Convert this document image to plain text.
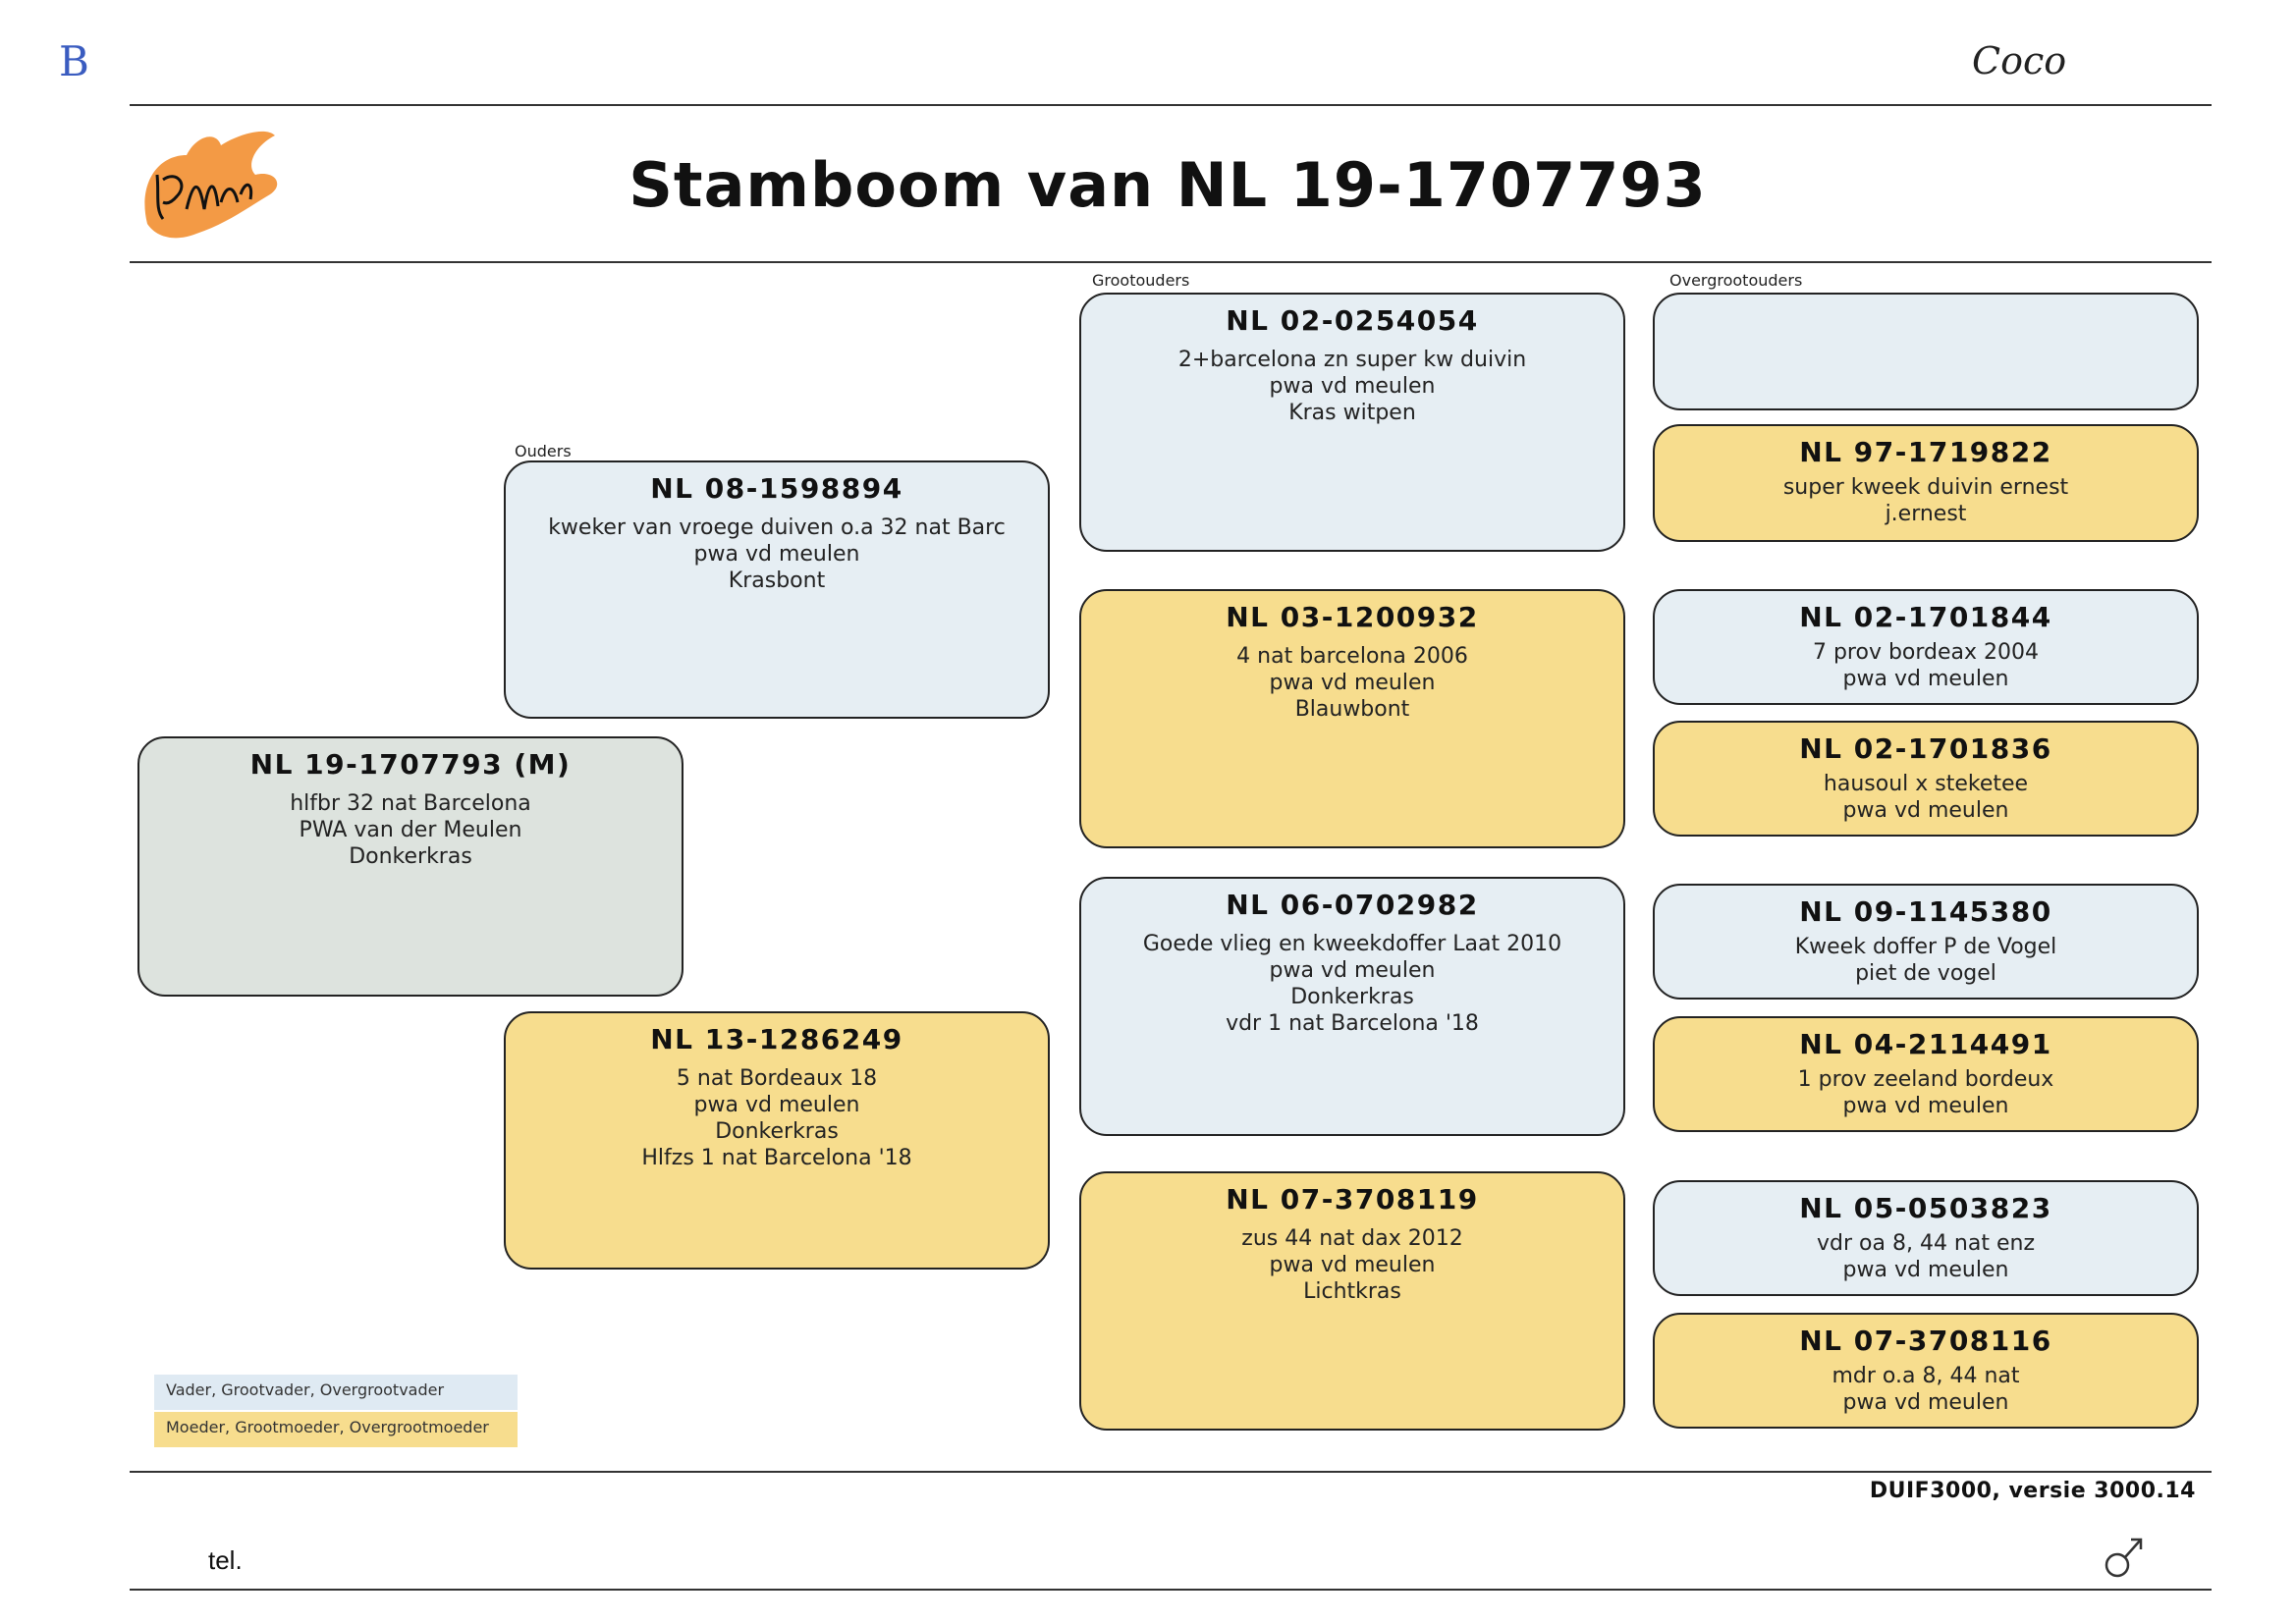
B	Coco
Stamboom van NL 19-1707793
Grootouders	Overgrootouders
Ouders
NL 19-1707793 (M)
hlfbr 32 nat Barcelona
PWA van der Meulen
Donkerkras
NL 08-1598894
kweker van vroege duiven o.a 32 nat Barc
pwa vd meulen
Krasbont
NL 13-1286249
5 nat Bordeaux 18
pwa vd meulen
Donkerkras
Hlfzs 1 nat Barcelona '18
NL 02-0254054
2+barcelona zn super kw duivin
pwa vd meulen
Kras witpen
NL 03-1200932
4 nat barcelona 2006
pwa vd meulen
Blauwbont
NL 06-0702982
Goede vlieg en kweekdoffer Laat 2010
pwa vd meulen
Donkerkras
vdr 1 nat Barcelona '18
NL 07-3708119
zus 44 nat dax 2012
pwa vd meulen
Lichtkras
NL 97-1719822
super kweek duivin ernest
j.ernest
NL 02-1701844
7 prov bordeax 2004
pwa vd meulen
NL 02-1701836
hausoul x steketee
pwa vd meulen
NL 09-1145380
Kweek doffer P de Vogel
piet de vogel
NL 04-2114491
1 prov zeeland bordeux
pwa vd meulen
NL 05-0503823
vdr oa 8, 44 nat enz
pwa vd meulen
NL 07-3708116
mdr o.a 8, 44 nat
pwa vd meulen
Vader, Grootvader, Overgrootvader
Moeder, Grootmoeder, Overgrootmoeder
DUIF3000, versie 3000.14
tel.
